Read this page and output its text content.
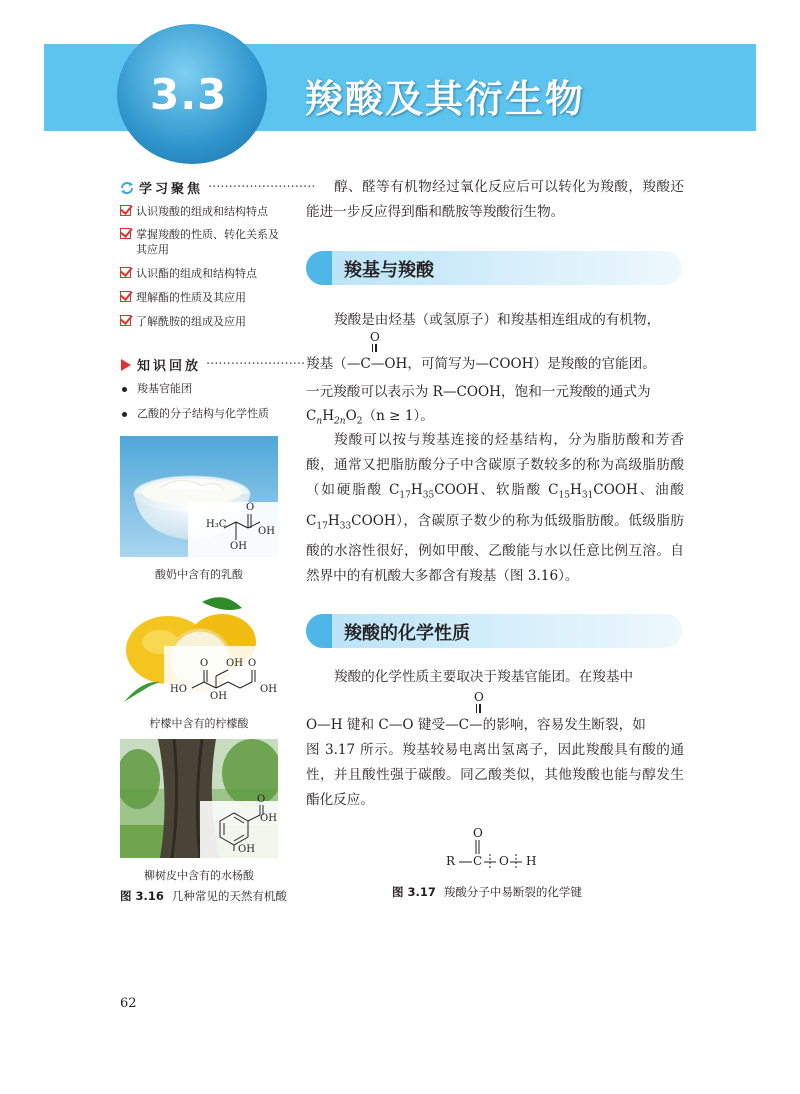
3.3 羧酸及其衍生物
学习聚焦 ··························
认识羧酸的组成和结构特点
掌握羧酸的性质、转化关系及其应用
认识酯的组成和结构特点
理解酯的性质及其应用
了解酰胺的组成及应用
知识回放 ························
羧基官能团
乙酸的分子结构与化学性质
H₃C
O
OH
OH
酸奶中含有的乳酸
O OH O
HO	OH
OH
柠檬中含有的柠檬酸
O
OH
OH
柳树皮中含有的水杨酸
图 3.16 几种常见的天然有机酸
醇、醛等有机物经过氧化反应后可以转化为羧酸，羧酸还能进一步反应得到酯和酰胺等羧酸衍生物。
羧基与羧酸
羧酸是由烃基（或氢原子）和羧基相连组成的有机物，
O
羧基（—C—OH，可简写为—COOH）是羧酸的官能团。
一元羧酸可以表示为 R—COOH，饱和一元羧酸的通式为
$C_nH_{2n}O_2(n \ge 1)$。
羧酸可以按与羧基连接的烃基结构，分为脂肪酸和芳香酸，通常又把脂肪酸分子中含碳原子数较多的称为高级脂肪酸（如硬脂酸 $C_{17}H_{35}COOH$、软脂酸 $C_{15}H_{31}COOH$、油酸 $C_{17}H_{33}COOH$），含碳原子数少的称为低级脂肪酸。低级脂肪酸的水溶性很好，例如甲酸、乙酸能与水以任意比例互溶。自然界中的有机酸大多都含有羧基（图 3.16）。
羧酸的化学性质
羧酸的化学性质主要取决于羧基官能团。在羧基中
O
O—H 键和 C—O 键受—C—的影响，容易发生断裂，如
图 3.17 所示。羧基较易电离出氢离子，因此羧酸具有酸的通性，并且酸性强于碳酸。同乙酸类似，其他羧酸也能与醇发生酯化反应。
O
R C O H
图 3.17 羧酸分子中易断裂的化学键
62
